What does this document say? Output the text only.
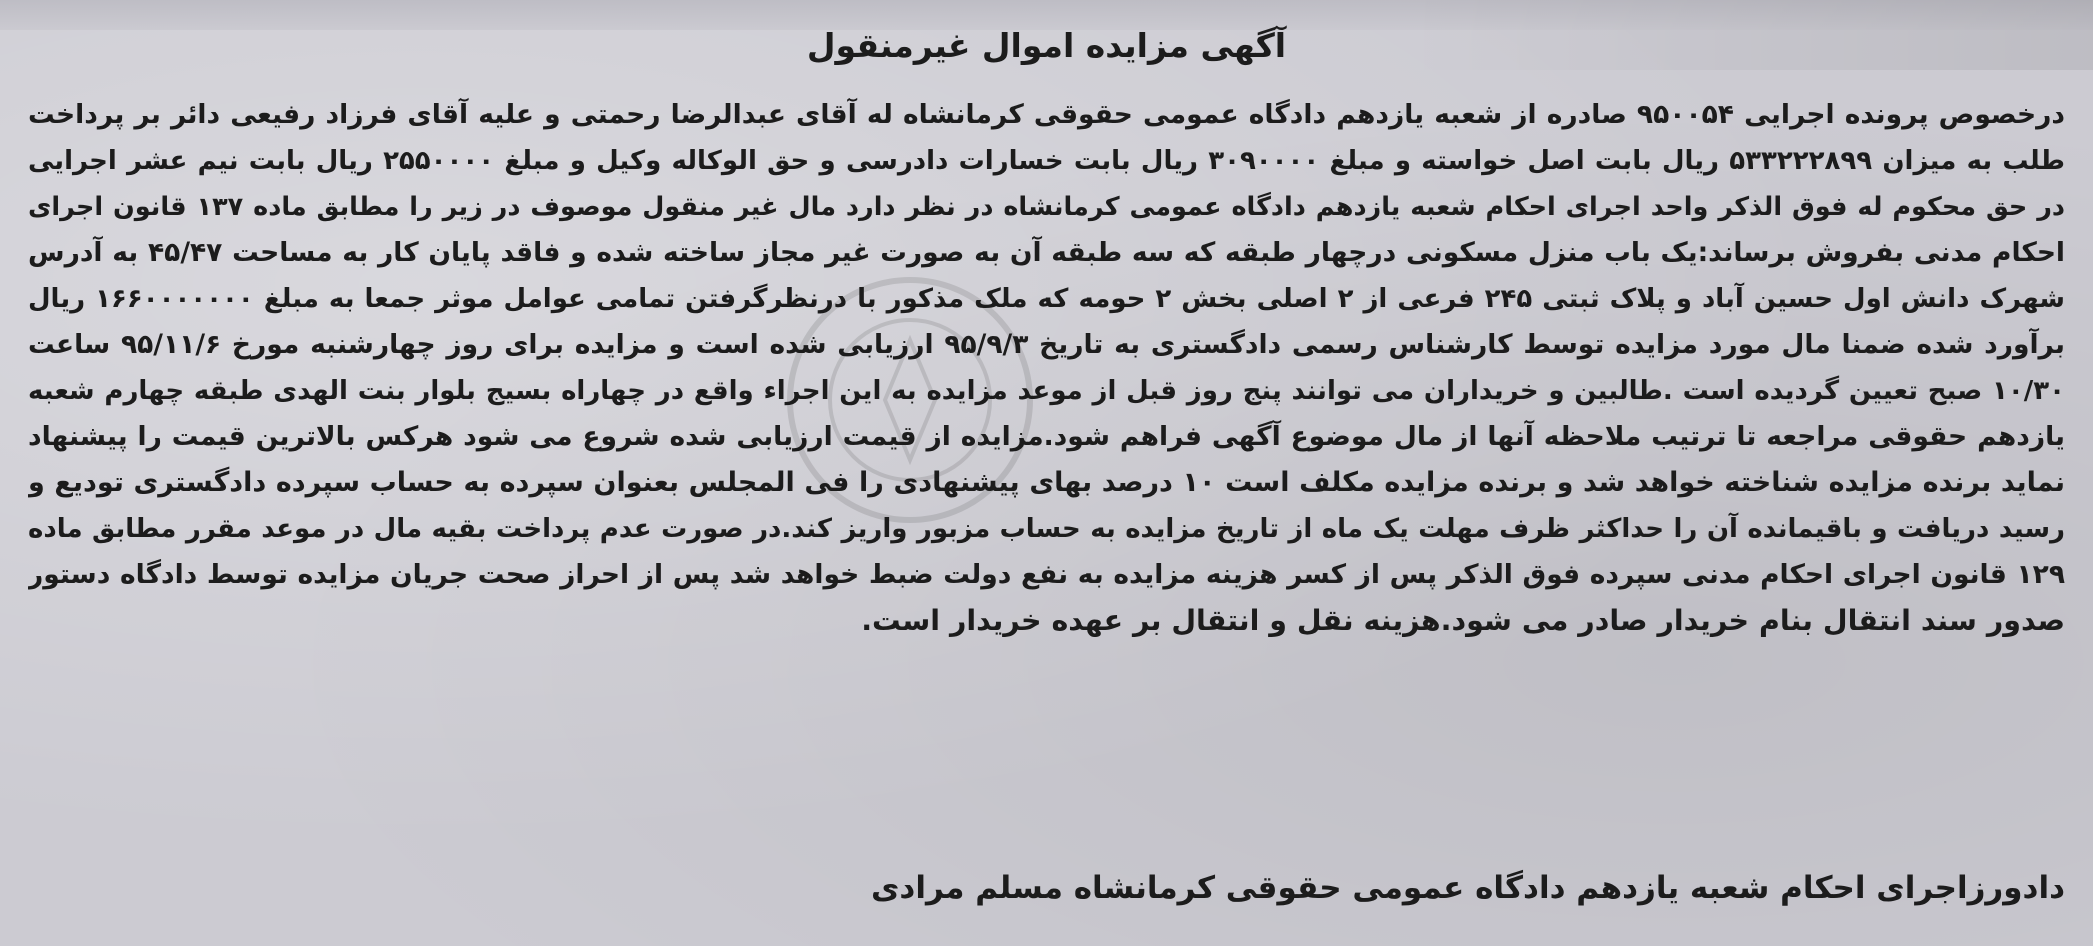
آگهی مزایده اموال غیرمنقول
درخصوص پرونده اجرایی ۹۵۰۰۵۴ صادره از شعبه یازدهم دادگاه عمومی حقوقی کرمانشاه له آقای عبدالرضا رحمتی و علیه آقای فرزاد رفیعی دائر بر پرداخت
طلب به میزان ۵۳۳۲۲۲۸۹۹ ریال بابت اصل خواسته و مبلغ ۳۰۹۰۰۰۰ ریال بابت خسارات دادرسی و حق الوکاله وکیل و مبلغ ۲۵۵۰۰۰۰ ریال بابت نیم عشر اجرایی
در حق محکوم له فوق الذکر واحد اجرای احکام شعبه یازدهم دادگاه عمومی کرمانشاه در نظر دارد مال غیر منقول موصوف در زیر را مطابق ماده ۱۳۷ قانون اجرای
احکام مدنی بفروش برساند:یک باب منزل مسکونی درچهار طبقه که سه طبقه آن به صورت غیر مجاز ساخته شده و فاقد پایان کار به مساحت ۴۵/۴۷ به آدرس
شهرک دانش اول حسین آباد و پلاک ثبتی ۲۴۵ فرعی از ۲ اصلی بخش ۲ حومه که ملک مذکور با درنظرگرفتن تمامی عوامل موثر جمعا به مبلغ ۱۶۶۰۰۰۰۰۰۰ ریال
برآورد شده ضمنا مال مورد مزایده توسط کارشناس رسمی دادگستری به تاریخ ۹۵/۹/۳ ارزیابی شده است و مزایده برای روز چهارشنبه مورخ ۹۵/۱۱/۶ ساعت
۱۰/۳۰ صبح تعیین گردیده است .طالبین و خریداران می توانند پنج روز قبل از موعد مزایده به این اجراء واقع در چهاراه بسیج بلوار بنت الهدی طبقه چهارم شعبه
یازدهم حقوقی مراجعه تا ترتیب ملاحظه آنها از مال موضوع آگهی فراهم شود.مزایده از قیمت ارزیابی شده شروع می شود هرکس بالاترین قیمت را پیشنهاد
نماید برنده مزایده شناخته خواهد شد و برنده مزایده مکلف است ۱۰ درصد بهای پیشنهادی را فی المجلس بعنوان سپرده به حساب سپرده دادگستری تودیع و
رسید دریافت و باقیمانده آن را حداکثر ظرف مهلت یک ماه از تاریخ مزایده به حساب مزبور واریز کند.در صورت عدم پرداخت بقیه مال در موعد مقرر مطابق ماده
۱۲۹ قانون اجرای احکام مدنی سپرده فوق الذکر پس از کسر هزینه مزایده به نفع دولت ضبط خواهد شد پس از احراز صحت جریان مزایده توسط دادگاه دستور
صدور سند انتقال بنام خریدار صادر می شود.هزینه نقل و انتقال بر عهده خریدار است.
دادورزاجرای احکام شعبه یازدهم دادگاه عمومی حقوقی کرمانشاه مسلم مرادی
